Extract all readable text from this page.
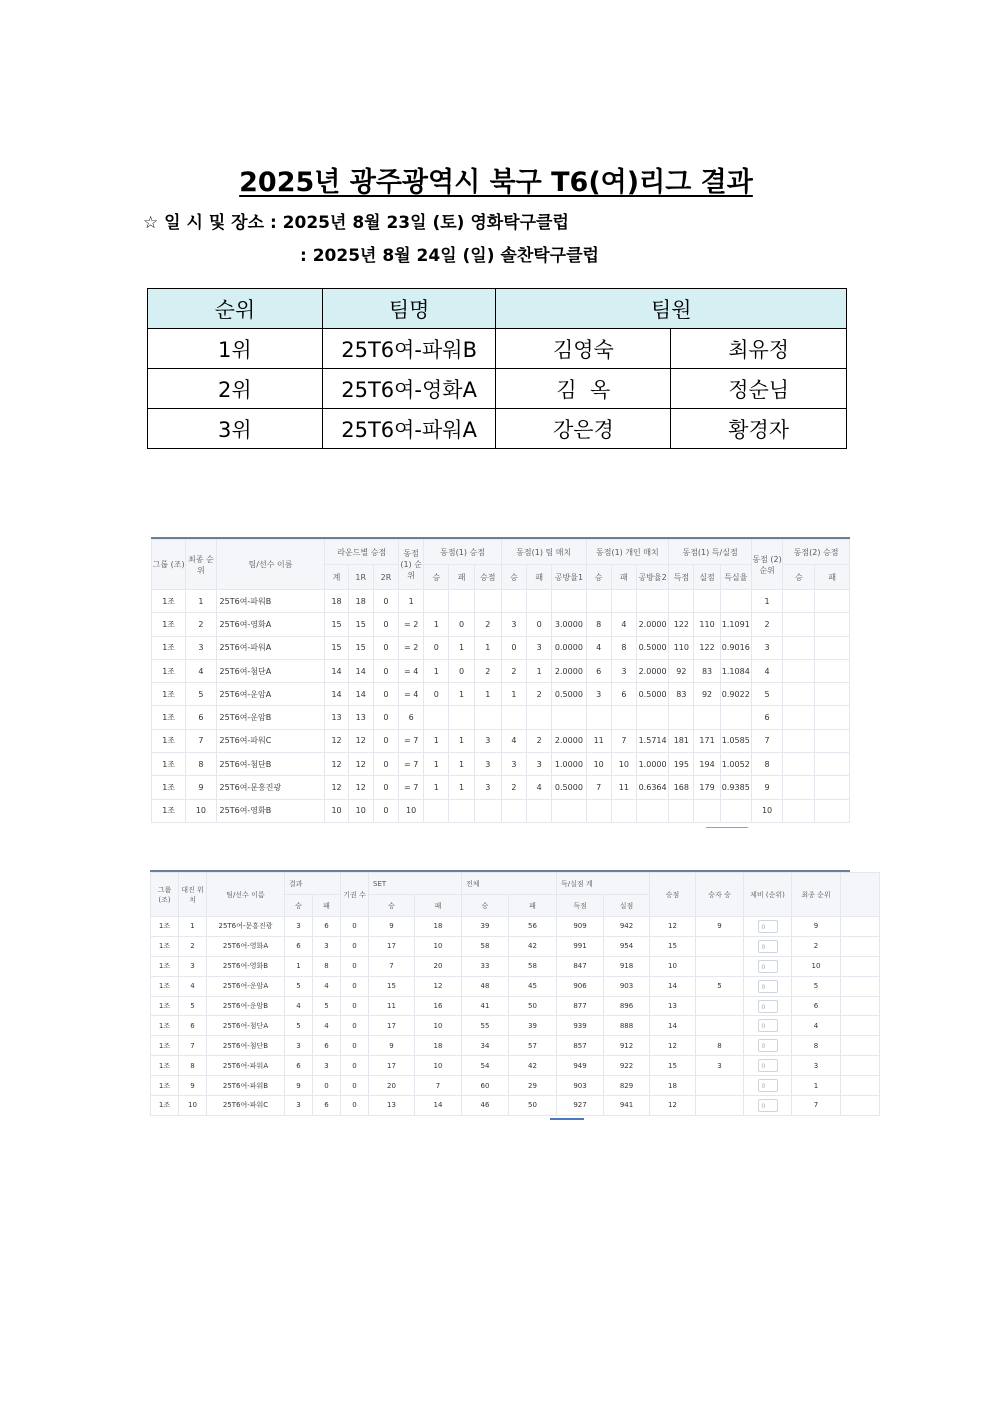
2025년 광주광역시 북구 T6(여)리그 결과
☆ 일 시 및 장소 : 2025년 8월 23일 (토) 영화탁구클럽
: 2025년 8월 24일 (일) 솔찬탁구클럽
순위	팀명	팀원	
1위	25T6여-파워B	김영숙	최유정
2위	25T6여-영화A	김  옥	정순님
3위	25T6여-파워A	강은경	황경자
그룹 (조)	최종 순위	팀/선수 이름	라운드별 승점			동점 (1) 순위	동점(1) 승점			동점(1) 팀 매치			동점(1) 개인 매치			동점(1) 득/실점			동점 (2) 순위	동점(2) 승점	
			계	1R	2R		승	패	승점	승	패	공방율1	승	패	공방율2	득점	실점	득실율		승	패
1조	1	25T6여-파워B	18	18	0	1													1		
1조	2	25T6여-영화A	15	15	0	= 2	1	0	2	3	0	3.0000	8	4	2.0000	122	110	1.1091	2		
1조	3	25T6여-파워A	15	15	0	= 2	0	1	1	0	3	0.0000	4	8	0.5000	110	122	0.9016	3		
1조	4	25T6여-첨단A	14	14	0	= 4	1	0	2	2	1	2.0000	6	3	2.0000	92	83	1.1084	4		
1조	5	25T6여-운암A	14	14	0	= 4	0	1	1	1	2	0.5000	3	6	0.5000	83	92	0.9022	5		
1조	6	25T6여-운암B	13	13	0	6													6		
1조	7	25T6여-파워C	12	12	0	= 7	1	1	3	4	2	2.0000	11	7	1.5714	181	171	1.0585	7		
1조	8	25T6여-첨단B	12	12	0	= 7	1	1	3	3	3	1.0000	10	10	1.0000	195	194	1.0052	8		
1조	9	25T6여-문흥진광	12	12	0	= 7	1	1	3	2	4	0.5000	7	11	0.6364	168	179	0.9385	9		
1조	10	25T6여-영화B	10	10	0	10													10		
그룹 (조)	대진 위치	팀/선수 이름	결과		기권 수	SET		전체		득/실점 계		승점	승자 승	제비 (순위)	최종 순위	
			승	패		승	패	승	패	득점	실점					
1조	1	25T6여-문흥진광	3	6	0	9	18	39	56	909	942	12	9	0	9	
1조	2	25T6여-영화A	6	3	0	17	10	58	42	991	954	15		0	2	
1조	3	25T6여-영화B	1	8	0	7	20	33	58	847	918	10		0	10	
1조	4	25T6여-운암A	5	4	0	15	12	48	45	906	903	14	5	0	5	
1조	5	25T6여-운암B	4	5	0	11	16	41	50	877	896	13		0	6	
1조	6	25T6여-첨단A	5	4	0	17	10	55	39	939	888	14		0	4	
1조	7	25T6여-첨단B	3	6	0	9	18	34	57	857	912	12	8	0	8	
1조	8	25T6여-파워A	6	3	0	17	10	54	42	949	922	15	3	0	3	
1조	9	25T6여-파워B	9	0	0	20	7	60	29	903	829	18		0	1	
1조	10	25T6여-파워C	3	6	0	13	14	46	50	927	941	12		0	7	
